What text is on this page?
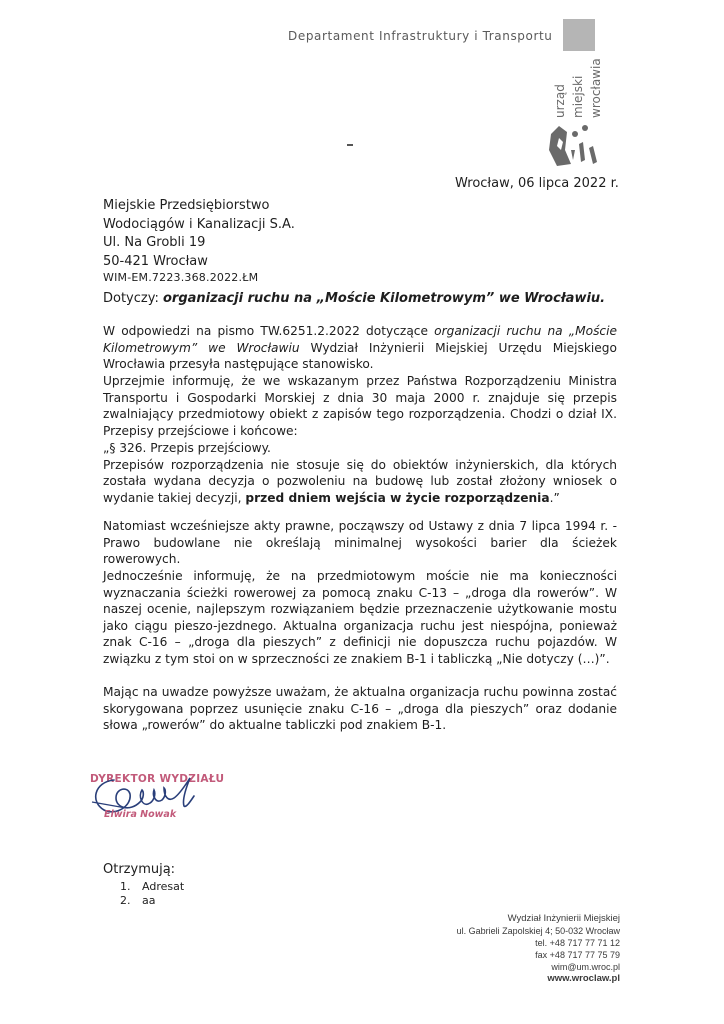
Departament Infrastruktury i Transportu
urząd miejski wrocławia
Wrocław, 06 lipca 2022 r.
Miejskie Przedsiębiorstwo
Wodociągów i Kanalizacji S.A.
Ul. Na Grobli 19
50-421 Wrocław
WIM-EM.7223.368.2022.ŁM
Dotyczy: organizacji ruchu na „Moście Kilometrowym” we Wrocławiu.

W odpowiedzi na pismo TW.6251.2.2022 dotyczące organizacji ruchu na „Moście Kilometrowym” we Wrocławiu Wydział Inżynierii Miejskiej Urzędu Miejskiego Wrocławia przesyła następujące stanowisko.

Uprzejmie informuję, że we wskazanym przez Państwa Rozporządzeniu Ministra Transportu i Gospodarki Morskiej z dnia 30 maja 2000 r. znajduje się przepis zwalniający przedmiotowy obiekt z zapisów tego rozporządzenia. Chodzi o dział IX. Przepisy przejściowe i końcowe:

„§ 326. Przepis przejściowy.

Przepisów rozporządzenia nie stosuje się do obiektów inżynierskich, dla których została wydana decyzja o pozwoleniu na budowę lub został złożony wniosek o wydanie takiej decyzji, przed dniem wejścia w życie rozporządzenia.”

Natomiast wcześniejsze akty prawne, począwszy od Ustawy z dnia 7 lipca 1994 r. - Prawo budowlane nie określają minimalnej wysokości barier dla ścieżek rowerowych.

Jednocześnie informuję, że na przedmiotowym moście nie ma konieczności wyznaczania ścieżki rowerowej za pomocą znaku C-13 – „droga dla rowerów”. W naszej ocenie, najlepszym rozwiązaniem będzie przeznaczenie użytkowanie mostu jako ciągu pieszo-jezdnego. Aktualna organizacja ruchu jest niespójna, ponieważ znak C-16 – „droga dla pieszych” z definicji nie dopuszcza ruchu pojazdów. W związku z tym stoi on w sprzeczności ze znakiem B-1 i tabliczką „Nie dotyczy (…)”.

Mając na uwadze powyższe uważam, że aktualna organizacja ruchu powinna zostać skorygowana poprzez usunięcie znaku C-16 – „droga dla pieszych” oraz dodanie słowa „rowerów” do aktualne tabliczki pod znakiem B-1.

DYREKTOR WYDZIAŁU
Elwira Nowak
Otrzymują:
1. Adresat
2. aa
Wydział Inżynierii Miejskiej
ul. Gabrieli Zapolskiej 4; 50-032 Wrocław
tel. +48 717 77 71 12
fax +48 717 77 75 79
wim@um.wroc.pl
www.wroclaw.pl
